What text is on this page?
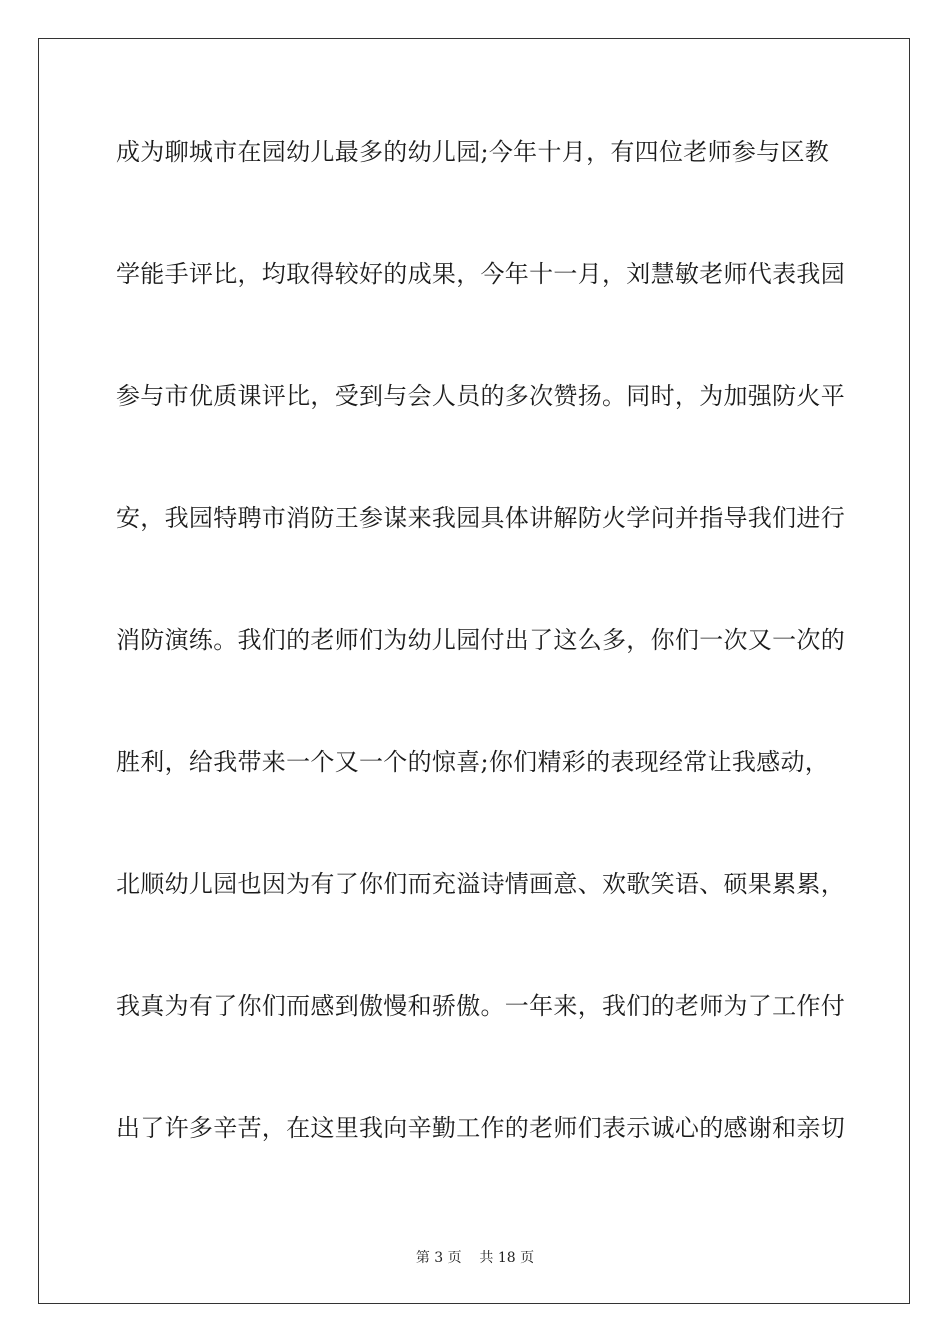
成为聊城市在园幼儿最多的幼儿园;今年十月，有四位老师参与区教
学能手评比，均取得较好的成果，今年十一月，刘慧敏老师代表我园
参与市优质课评比，受到与会人员的多次赞扬。同时，为加强防火平
安，我园特聘市消防王参谋来我园具体讲解防火学问并指导我们进行
消防演练。我们的老师们为幼儿园付出了这么多，你们一次又一次的
胜利，给我带来一个又一个的惊喜;你们精彩的表现经常让我感动，
北顺幼儿园也因为有了你们而充溢诗情画意、欢歌笑语、硕果累累，
我真为有了你们而感到傲慢和骄傲。一年来，我们的老师为了工作付
出了许多辛苦，在这里我向辛勤工作的老师们表示诚心的感谢和亲切
第 3 页    共 18 页
